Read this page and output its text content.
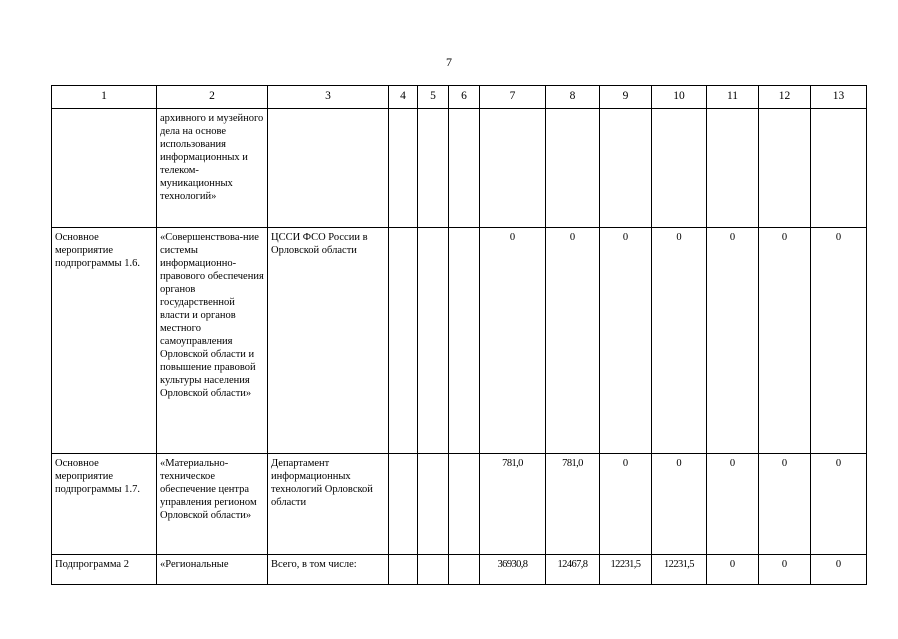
7
1	2	3	4	5	6	7	8	9	10	11	12	13
	архивного и музейного дела на основе использования информационных и телеком-муникационных технологий»											
Основное мероприятие подпрограммы 1.6.	«Совершенствова-ние системы информационно-правового обеспечения органов государственной власти и органов местного самоуправления Орловской области и повышение правовой культуры населения Орловской области»	ЦССИ ФСО России в Орловской области				0	0	0	0	0	0	0
Основное мероприятие подпрограммы 1.7.	«Материально-техническое обеспечение центра управления регионом Орловской области»	Департамент информационных технологий Орловской области				781,0	781,0	0	0	0	0	0
Подпрограмма 2	«Региональные	Всего, в том числе:				36930,8	12467,8	12231,5	12231,5	0	0	0
